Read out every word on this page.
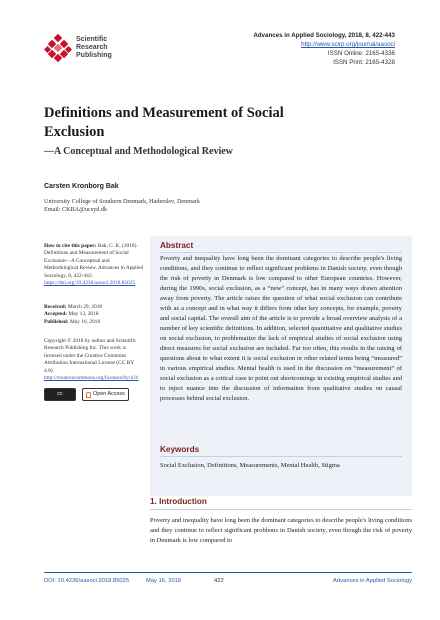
Scientific
Research
Publishing
Advances in Applied Sociology, 2018, 8, 422-443
http://www.scirp.org/journal/aasoci
ISSN Online: 2165-4336
ISSN Print: 2165-4328
Definitions and Measurement of Social
Exclusion
—A Conceptual and Methodological Review
Carsten Kronborg Bak
University College of Southern Denmark, Haderslev, Denmark
Email: CKBA@ucsyd.dk
How to cite this paper: Bak, C. K. (2018). Definitions and Measurement of Social Exclusion—A Conceptual and Methodological Review. Advances in Applied Sociology, 8, 422-443.
https://doi.org/10.4236/aasoci.2018.85025
Received: March 29, 2018
Accepted: May 13, 2018
Published: May 16, 2018
Copyright © 2018 by author and Scientific Research Publishing Inc. This work is licensed under the Creative Commons Attribution International License (CC BY 4.0).
http://creativecommons.org/licenses/by/4.0/
cc	Open Access
Abstract
Poverty and inequality have long been the dominant categories to describe people's living conditions, and they continue to reflect significant problems in Danish society, even though the risk of poverty in Denmark is low compared to other European countries. However, during the 1990s, social exclusion, as a “new” concept, has in many ways drawn attention away from poverty. The article raises the question of what social exclusion can contribute with as a concept and in what way it differs from other key concepts, for example, poverty and social capital. The overall aim of the article is to provide a broad overview analysis of a number of key scientific definitions. In addition, selected quantitative and qualitative studies on social exclusion, to problematize the lack of empirical studies of social exclusion using direct measures for social exclusion are included. Far too often, this results in the raising of questions about to what extent it is social exclusion or other related terms being “measured” in various empirical studies. Mental health is used in the discussion on “measurement” of social exclusion as a critical case to point out shortcomings in existing empirical studies and to inject nuance into the discussion of information from qualitative studies on causal processes behind social exclusion.
Keywords
Social Exclusion, Definitions, Measurements, Mental Health, Stigma
1. Introduction
Poverty and inequality have long been the dominant categories to describe people's living conditions and they continue to reflect significant problems in Danish society, even though the risk of poverty in Denmark is low compared to
DOI: 10.4236/aasoci.2018.85025	May 16, 2018	422	Advances in Applied Sociology
